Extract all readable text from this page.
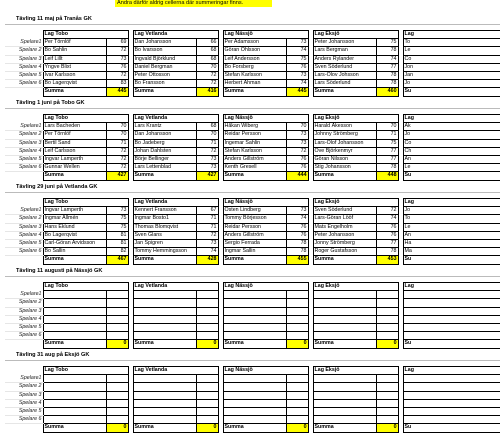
Ändra därför aldrig cellerna där summeringar finns.
Tävling 11 maj på Tranås GK
	Lag Tobo			Lag Vetlanda			Lag Nässjö			Lag Eksjö			Lag
Spelare1	Per Törnlöf	69		Dan Johansson	66		Per Adamsson	73		Peter Johansson	75		To
Spelare 2	Bo Sahlin	72		Bo Ivarsson	68		Göran Ohlsson	74		Lars Bergman	78		Le
Spelare 3	Leif Lillt	73		Ingvald Björklund	68		Leif Andersson	75		Anders Rylander	74		Co
Spelare 4	Yngve Blixt	76		Daniel Bergman	70		Bo Forsberg	76		Sven Söderlund	77		Jon
Spelare 5	Ivar Karlsson	72		Peter Ottosson	72		Stefan Karlsson	73		Lars-Olov Johsson	78		Jan
Spelare 6	Bo Lagerqvist	83		Bo Fransson	72		Herbert Åhman	74		Lars Söderlund	78		Jo
	Summa	445		Summa	416		Summa	445		Summa	460		Su
Tävling 1 juni på Tobo GK
	Lag Tobo			Lag Vetlanda			Lag Nässjö			Lag Eksjö			Lag
Spelare1	Lars Bacheden	70		Lars Krantz	68		Håkan Wiberg	70		Harald Åkesson	70		Ak
Spelare 2	Per Törnlöf	70		Dan Johansson	70		Reidar Persson	73		Johnny Strömberg	71		Jo
Spelare 3	Bertil Sand	71		Bo Jadeberg	71		Ingemar Sahlin	73		Lars-Olof Johansson	75		Co
Spelare 4	Leif Carlsson	72		Johan Dahlsten	72		Stefan Karlsson	72		Ove Björkenmyr	77		Ch
Spelare 5	Ingvar Lamperth	72		Börje Bellinger	73		Anders Gillström	76		Göran Nilsson	77		An
Spelare 6	Gunnar Wellen	72		Lars Lettenblad	73		Kenth Gresell	76		Stig Johansson	78		Le
	Summa	427		Summa	427		Summa	444		Summa	448		Su
Tävling 29 juni på Vetlanda GK
	Lag Tobo			Lag Vetlanda			Lag Nässjö			Lag Eksjö			Lag
Spelare1	Ingvar Lamperth	73		Kennert Fransson	67		Östen Lindberg	73		Sven Söderlund	72		Jo
Spelare 2	Ingmar Allmén	75		Ingmar Bosto1	71		Tommy Börjesson	74		Lars-Göran Lööf	74		To
Spelare 3	Hans Eklund	75		Thomas Blomqvist	71		Reidar Persson	76		Mats Engelholm	76		Le
Spelare 4	Bo Lagerqvist	81		Sven Glans	72		Anders Gillström	76		Peter Johansson	76		An
Spelare 5	Carl-Göran Arvidsson	81		Jan Spigren	73		Sergio Ferrada	78		Jonny Strömberg	77		Ha
Spelare 6	Bo Sallin	82		Tommy Hemmingsson	74		Ingmar Sallin	78		Roger Gustafsson	78		Ma
	Summa	467		Summa	428		Summa	455		Summa	453		Su
Tävling 11 augusti på Nässjö GK
	Lag Tobo			Lag Vetlanda			Lag Nässjö			Lag Eksjö			Lag
Spelare1													
Spelare 2													
Spelare 3													
Spelare 4													
Spelare 5													
Spelare 6													
	Summa	0		Summa	0		Summa	0		Summa	0		Su
Tävling 31 aug på Eksjö GK
	Lag Tobo			Lag Vetlanda			Lag Nässjö			Lag Eksjö			Lag
Spelare1													
Spelare 2													
Spelare 3													
Spelare 4													
Spelare 5													
Spelare 6													
	Summa	0		Summa	0		Summa	0		Summa	0		Su
